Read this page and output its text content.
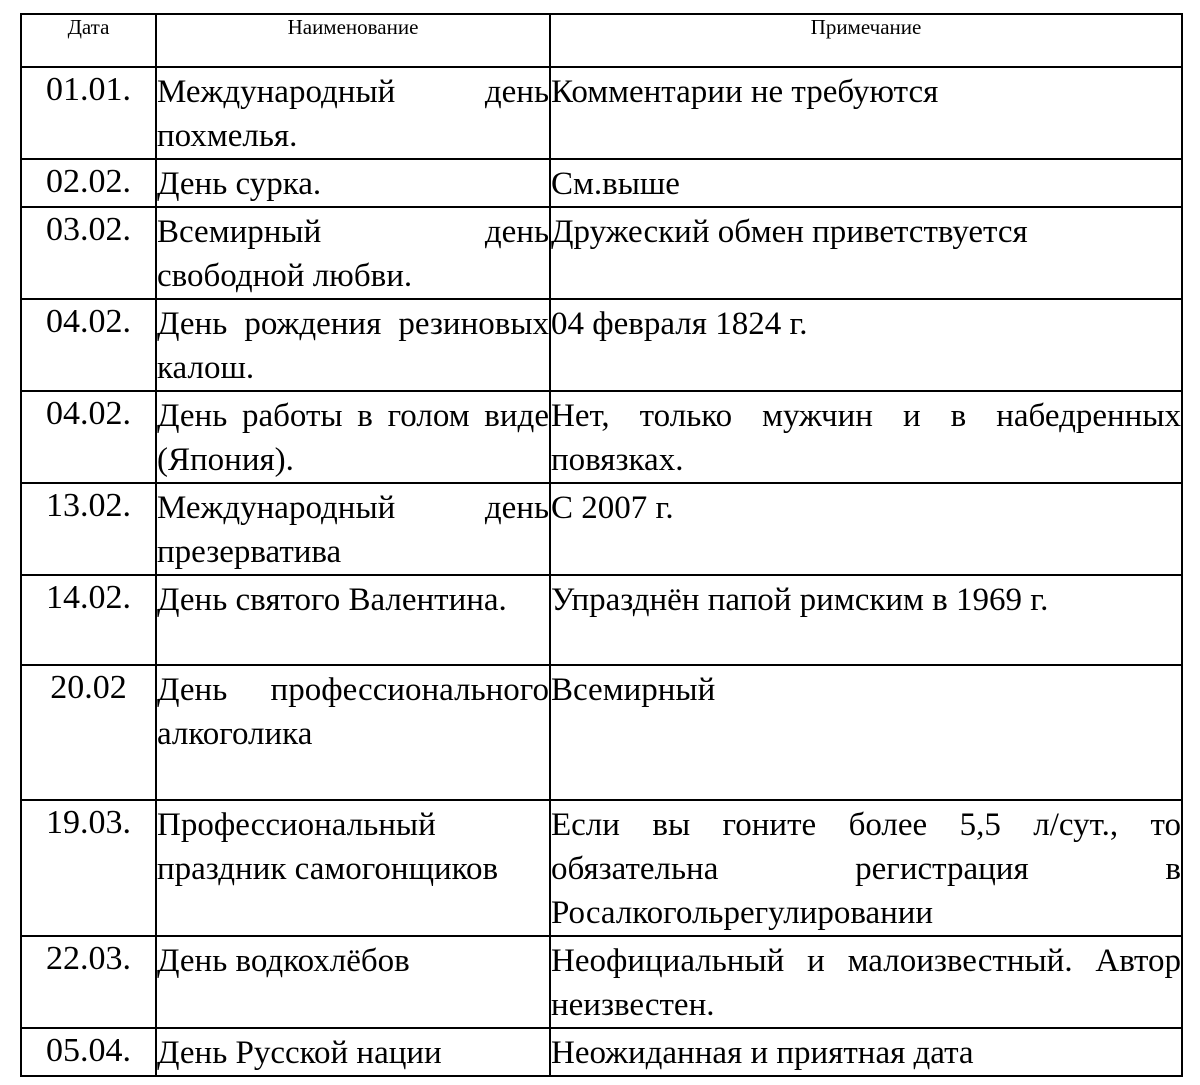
Дата	Наименование	Примечание
01.01.	Международный день похмелья.	Комментарии не требуются

02.02.	День сурка.	См.выше

03.02.	Всемирный день свободной любви.	Дружеский обмен приветствуется

04.02.	День рождения резиновых калош.	04 февраля 1824 г.

04.02.	День работы в голом виде (Япония).	Нет, только мужчин и в набедренных повязках.

13.02.	Международный день презерватива	С 2007 г.

14.02.	День святого Валентина.	Упразднён папой римским в 1969 г.

20.02	День профессионального алкоголика	Всемирный

19.03.	Профессиональный праздник самогонщиков	Если вы гоните более 5,5 л/сут., то обязательна регистрация в Росалкогольрегулировании

22.03.	День водкохлёбов	Неофициальный и малоизвестный. Автор неизвестен.

05.04.	День Русской нации	Неожиданная и приятная дата
